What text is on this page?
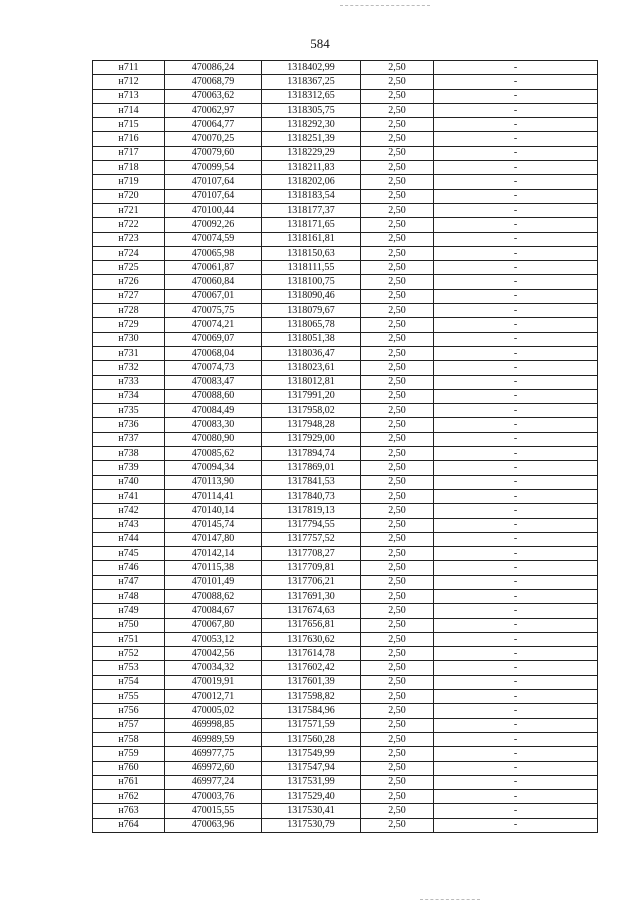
584
н711	470086,24	1318402,99	2,50	-
н712	470068,79	1318367,25	2,50	-
н713	470063,62	1318312,65	2,50	-
н714	470062,97	1318305,75	2,50	-
н715	470064,77	1318292,30	2,50	-
н716	470070,25	1318251,39	2,50	-
н717	470079,60	1318229,29	2,50	-
н718	470099,54	1318211,83	2,50	-
н719	470107,64	1318202,06	2,50	-
н720	470107,64	1318183,54	2,50	-
н721	470100,44	1318177,37	2,50	-
н722	470092,26	1318171,65	2,50	-
н723	470074,59	1318161,81	2,50	-
н724	470065,98	1318150,63	2,50	-
н725	470061,87	1318111,55	2,50	-
н726	470060,84	1318100,75	2,50	-
н727	470067,01	1318090,46	2,50	-
н728	470075,75	1318079,67	2,50	-
н729	470074,21	1318065,78	2,50	-
н730	470069,07	1318051,38	2,50	-
н731	470068,04	1318036,47	2,50	-
н732	470074,73	1318023,61	2,50	-
н733	470083,47	1318012,81	2,50	-
н734	470088,60	1317991,20	2,50	-
н735	470084,49	1317958,02	2,50	-
н736	470083,30	1317948,28	2,50	-
н737	470080,90	1317929,00	2,50	-
н738	470085,62	1317894,74	2,50	-
н739	470094,34	1317869,01	2,50	-
н740	470113,90	1317841,53	2,50	-
н741	470114,41	1317840,73	2,50	-
н742	470140,14	1317819,13	2,50	-
н743	470145,74	1317794,55	2,50	-
н744	470147,80	1317757,52	2,50	-
н745	470142,14	1317708,27	2,50	-
н746	470115,38	1317709,81	2,50	-
н747	470101,49	1317706,21	2,50	-
н748	470088,62	1317691,30	2,50	-
н749	470084,67	1317674,63	2,50	-
н750	470067,80	1317656,81	2,50	-
н751	470053,12	1317630,62	2,50	-
н752	470042,56	1317614,78	2,50	-
н753	470034,32	1317602,42	2,50	-
н754	470019,91	1317601,39	2,50	-
н755	470012,71	1317598,82	2,50	-
н756	470005,02	1317584,96	2,50	-
н757	469998,85	1317571,59	2,50	-
н758	469989,59	1317560,28	2,50	-
н759	469977,75	1317549,99	2,50	-
н760	469972,60	1317547,94	2,50	-
н761	469977,24	1317531,99	2,50	-
н762	470003,76	1317529,40	2,50	-
н763	470015,55	1317530,41	2,50	-
н764	470063,96	1317530,79	2,50	-
